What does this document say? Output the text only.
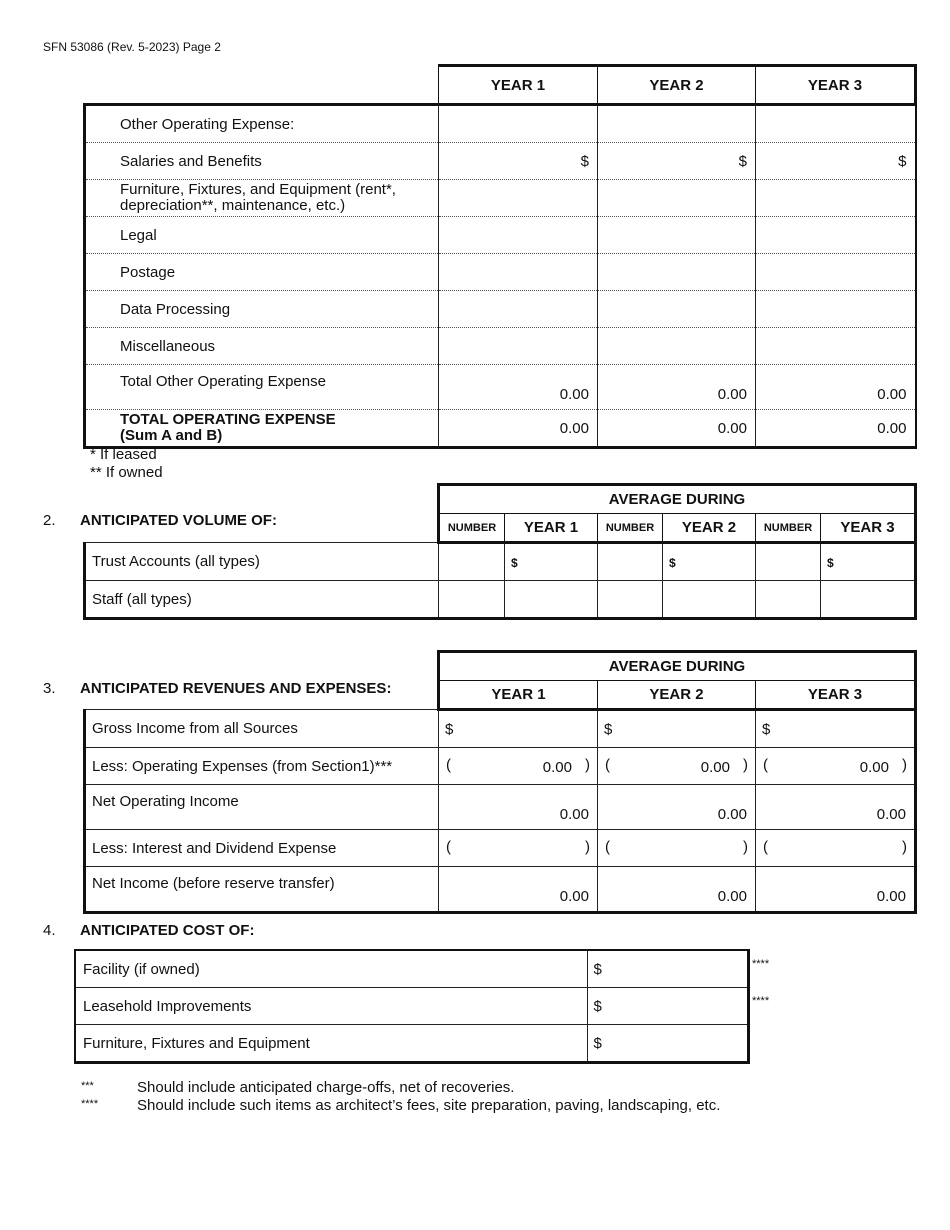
SFN 53086 (Rev. 5-2023) Page 2
	YEAR 1	YEAR 2	YEAR 3
Other Operating Expense:			
Salaries and Benefits	$	$	$

Furniture, Fixtures, and Equipment (rent*,
depreciation**, maintenance, etc.)			

Legal			
Postage			
Data Processing			
Miscellaneous			
Total Other Operating Expense	0.00	0.00	0.00

TOTAL OPERATING EXPENSE
(Sum A and B)	0.00	0.00	0.00
* If leased
** If owned
2. ANTICIPATED VOLUME OF:
	AVERAGE DURING					
	NUMBER	YEAR 1	NUMBER	YEAR 2	NUMBER	YEAR 3
Trust Accounts (all types)		$		$		$
Staff (all types)						
3. ANTICIPATED REVENUES AND EXPENSES:
	AVERAGE DURING		
	YEAR 1	YEAR 2	YEAR 3
Gross Income from all Sources	$	$	$
Less: Operating Expenses (from Section1)***	( 0.00 )	( 0.00 )	( 0.00 )

Net Operating Income	0.00	0.00	0.00
Less: Interest and Dividend Expense	( )	( )	( )

Net Income (before reserve transfer)	0.00	0.00	0.00
4. ANTICIPATED COST OF:
Facility (if owned)	$
Leasehold Improvements	$
Furniture, Fixtures and Equipment	$
****
****
***	Should include anticipated charge-offs, net of recoveries.
****	Should include such items as architect’s fees, site preparation, paving, landscaping, etc.
